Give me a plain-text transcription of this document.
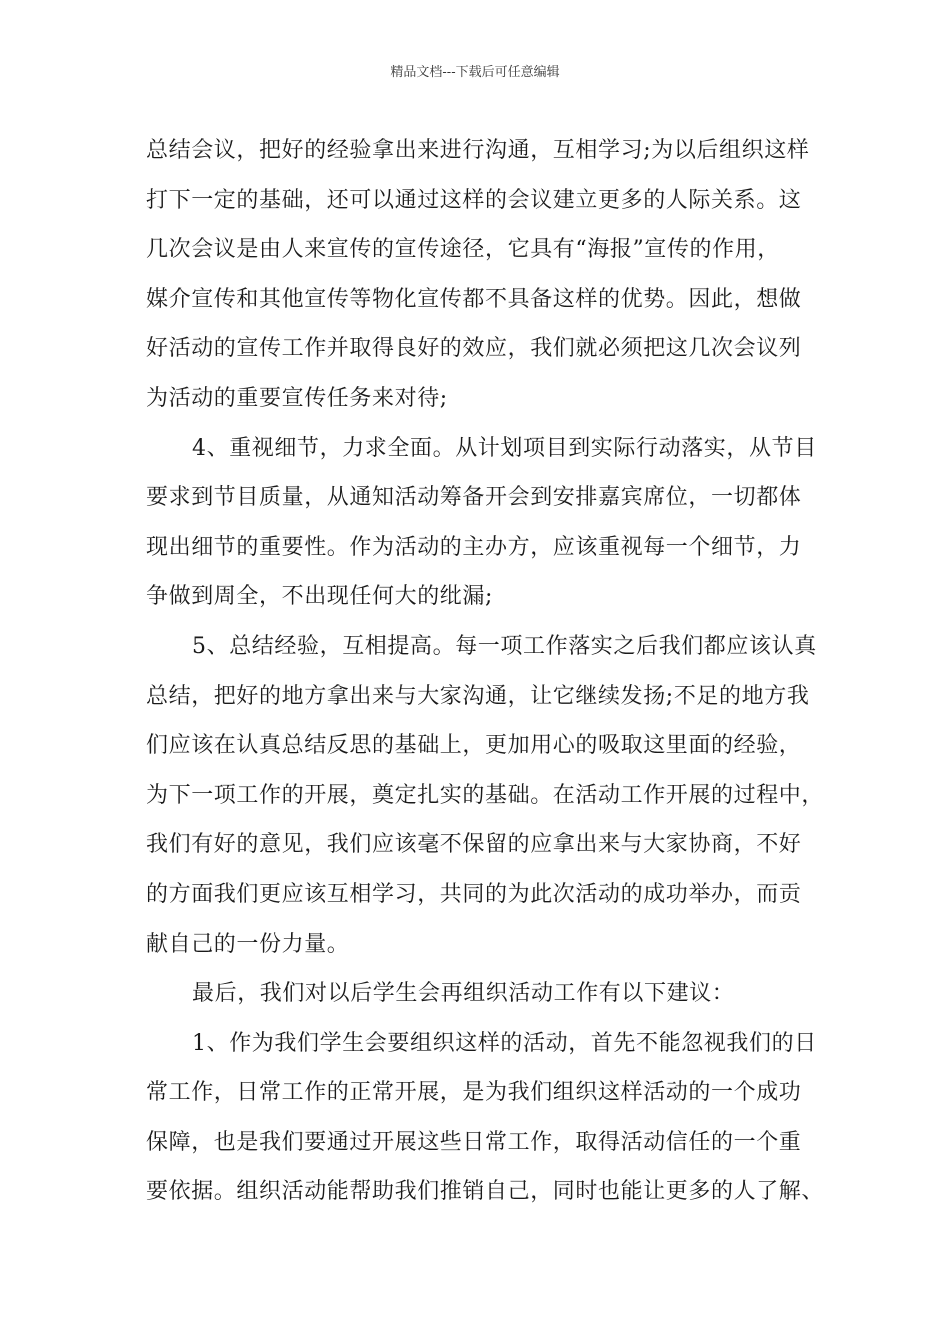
精品文档---下载后可任意编辑
总结会议，把好的经验拿出来进行沟通，互相学习;为以后组织这样
打下一定的基础，还可以通过这样的会议建立更多的人际关系。这
几次会议是由人来宣传的宣传途径，它具有“海报”宣传的作用，
媒介宣传和其他宣传等物化宣传都不具备这样的优势。因此，想做
好活动的宣传工作并取得良好的效应，我们就必须把这几次会议列
为活动的重要宣传任务来对待;
4、重视细节，力求全面。从计划项目到实际行动落实，从节目
要求到节目质量，从通知活动筹备开会到安排嘉宾席位，一切都体
现出细节的重要性。作为活动的主办方，应该重视每一个细节，力
争做到周全，不出现任何大的纰漏;
5、总结经验，互相提高。每一项工作落实之后我们都应该认真
总结，把好的地方拿出来与大家沟通，让它继续发扬;不足的地方我
们应该在认真总结反思的基础上，更加用心的吸取这里面的经验，
为下一项工作的开展，奠定扎实的基础。在活动工作开展的过程中，
我们有好的意见，我们应该毫不保留的应拿出来与大家协商，不好
的方面我们更应该互相学习，共同的为此次活动的成功举办，而贡
献自己的一份力量。
最后，我们对以后学生会再组织活动工作有以下建议：
1、作为我们学生会要组织这样的活动，首先不能忽视我们的日
常工作，日常工作的正常开展，是为我们组织这样活动的一个成功
保障，也是我们要通过开展这些日常工作，取得活动信任的一个重
要依据。组织活动能帮助我们推销自己，同时也能让更多的人了解、
